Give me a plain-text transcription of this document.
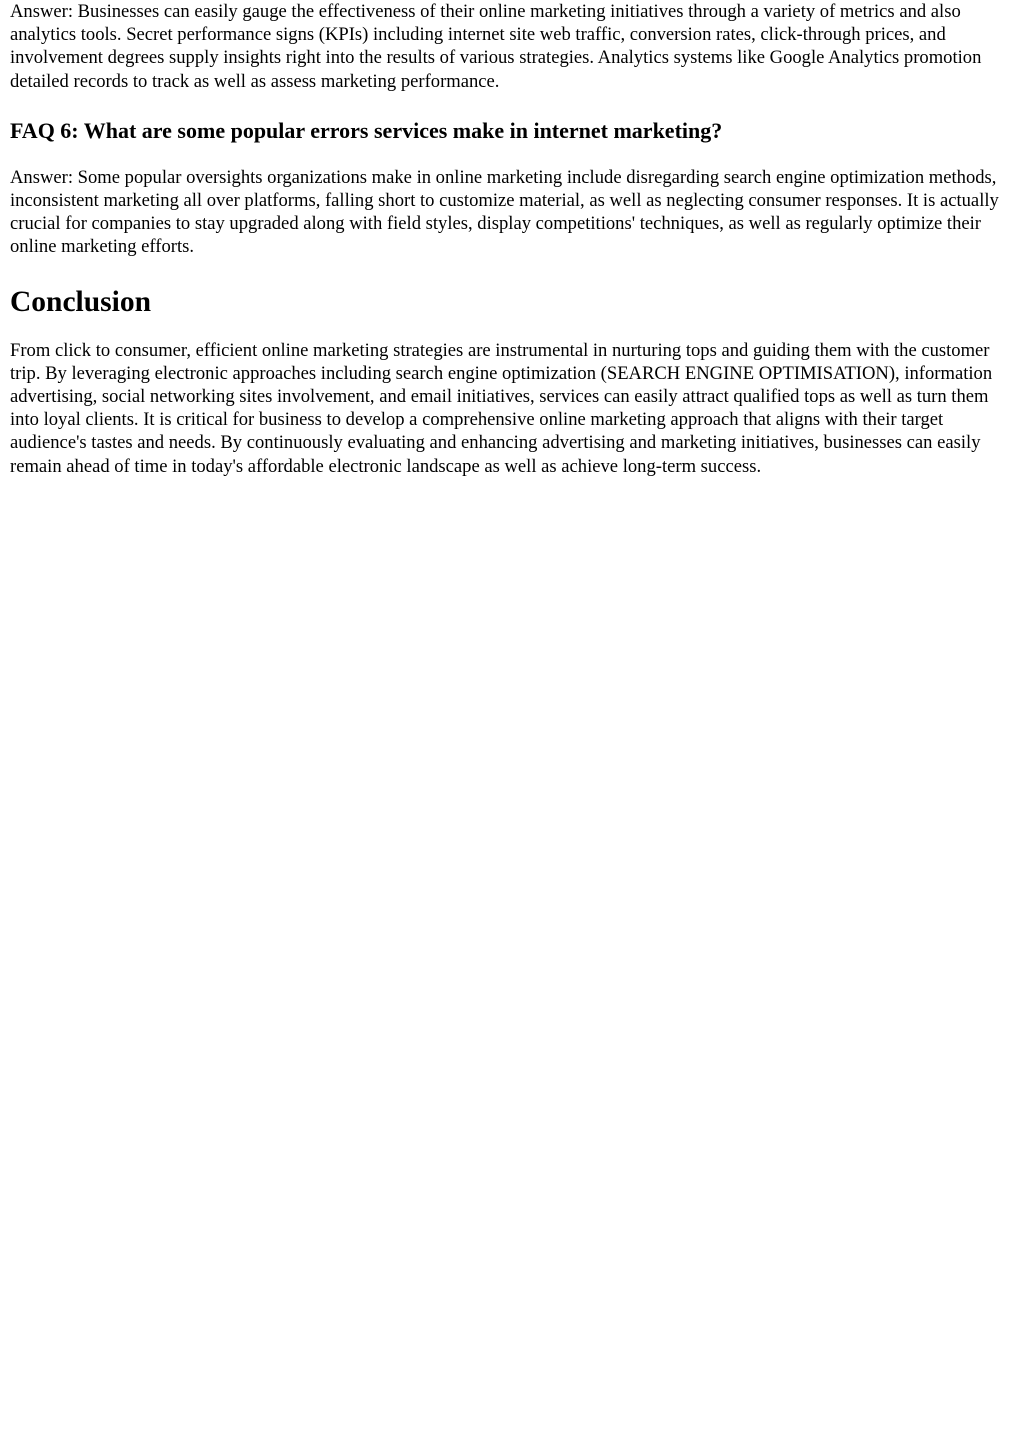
Answer: Businesses can easily gauge the effectiveness of their online marketing initiatives through a variety of metrics and also analytics tools. Secret performance signs (KPIs) including internet site web traffic, conversion rates, click-through prices, and involvement degrees supply insights right into the results of various strategies. Analytics systems like Google Analytics promotion detailed records to track as well as assess marketing performance.

FAQ 6: What are some popular errors services make in internet marketing?

Answer: Some popular oversights organizations make in online marketing include disregarding search engine optimization methods, inconsistent marketing all over platforms, falling short to customize material, as well as neglecting consumer responses. It is actually crucial for companies to stay upgraded along with field styles, display competitions' techniques, as well as regularly optimize their online marketing efforts.

Conclusion

From click to consumer, efficient online marketing strategies are instrumental in nurturing tops and guiding them with the customer trip. By leveraging electronic approaches including search engine optimization (SEARCH ENGINE OPTIMISATION), information advertising, social networking sites involvement, and email initiatives, services can easily attract qualified tops as well as turn them into loyal clients. It is critical for business to develop a comprehensive online marketing approach that aligns with their target audience's tastes and needs. By continuously evaluating and enhancing advertising and marketing initiatives, businesses can easily remain ahead of time in today's affordable electronic landscape as well as achieve long-term success.
